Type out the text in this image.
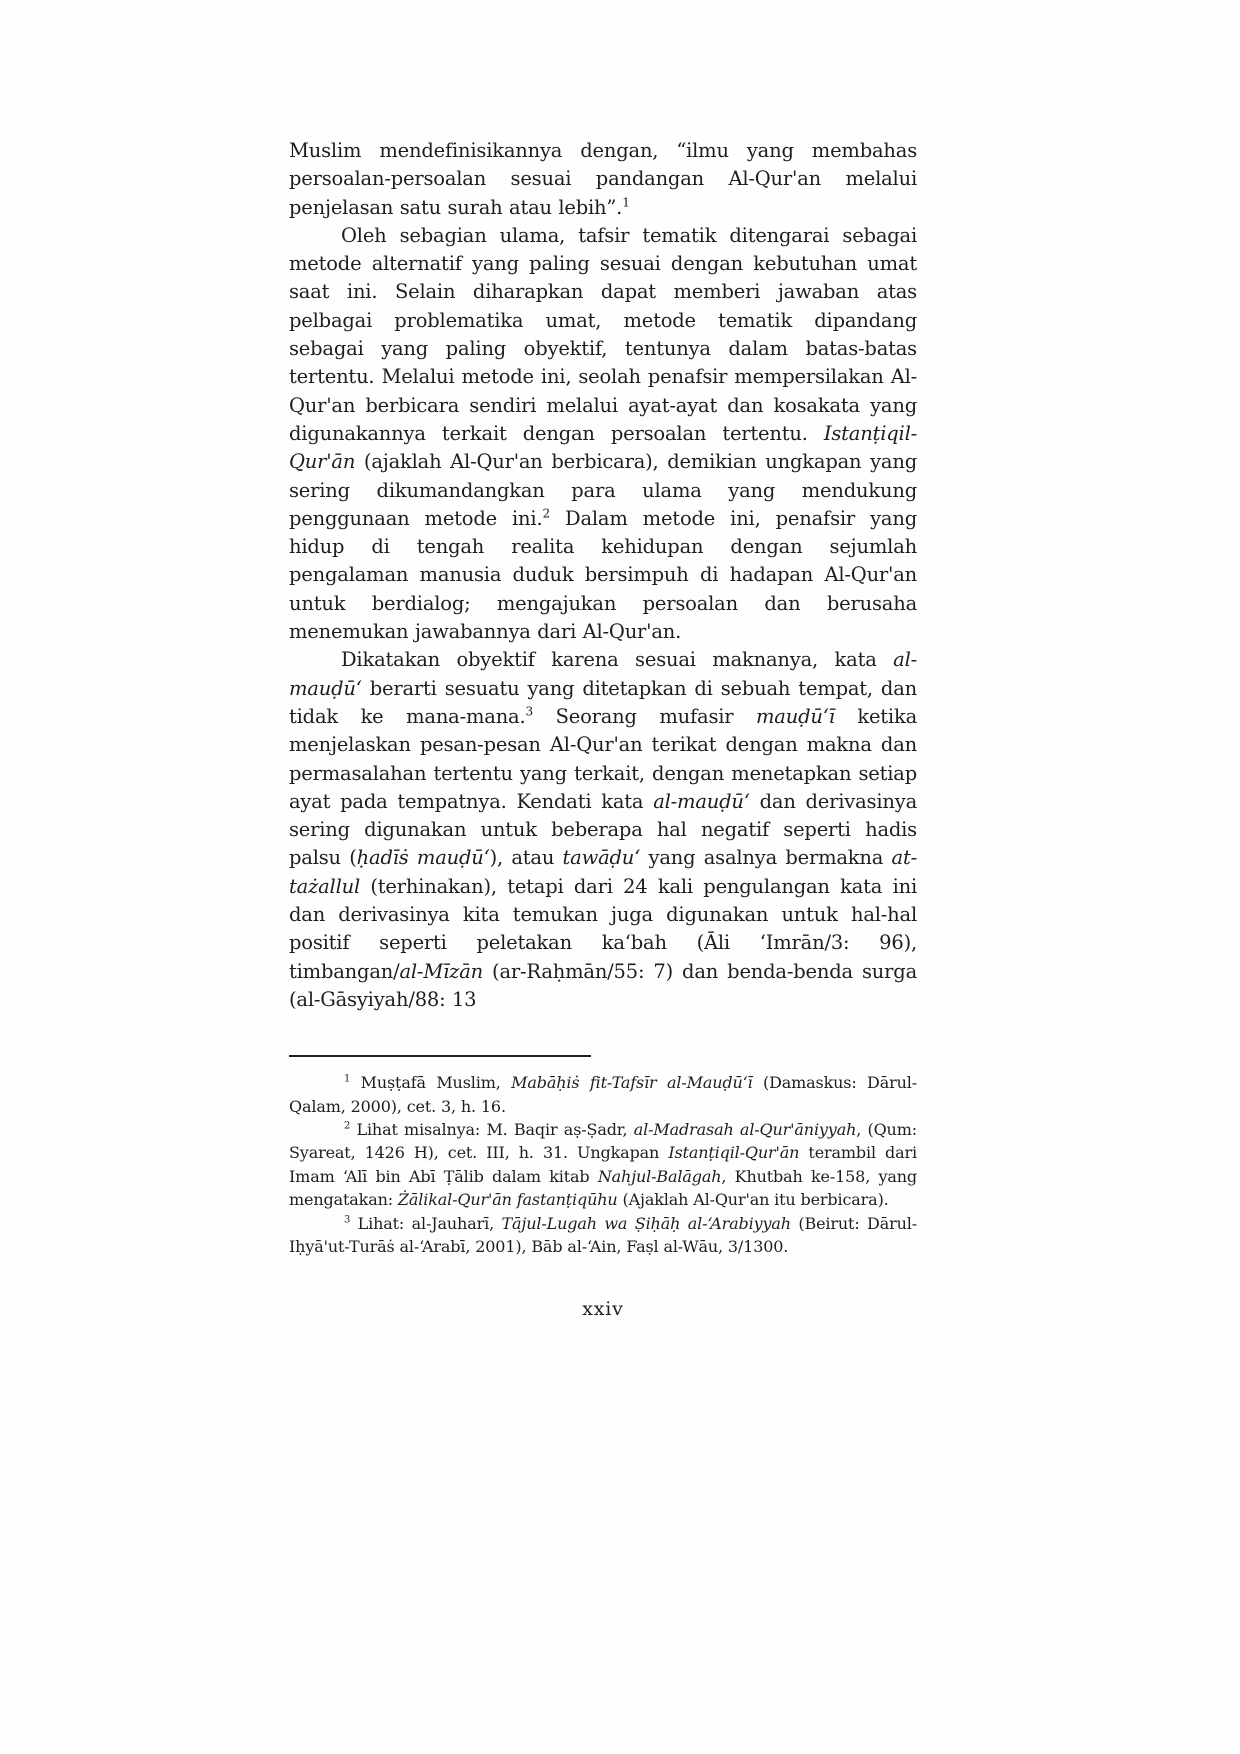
Muslim mendefinisikannya dengan, “ilmu yang membahas persoalan-persoalan sesuai pandangan Al-Qur'an melalui penjelasan satu surah atau lebih”.$^1$

Oleh sebagian ulama, tafsir tematik ditengarai sebagai metode alternatif yang paling sesuai dengan kebutuhan umat saat ini. Selain diharapkan dapat memberi jawaban atas pelbagai problematika umat, metode tematik dipandang sebagai yang paling obyektif, tentunya dalam batas-batas tertentu. Melalui metode ini, seolah penafsir mempersilakan Al-Qur'an berbicara sendiri melalui ayat-ayat dan kosakata yang digunakannya terkait dengan persoalan tertentu. Istanṭiqil-Qur'ān (ajaklah Al-Qur'an berbicara), demikian ungkapan yang sering dikumandangkan para ulama yang mendukung penggunaan metode ini.$^2$ Dalam metode ini, penafsir yang hidup di tengah realita kehidupan dengan sejumlah pengalaman manusia duduk bersimpuh di hadapan Al-Qur'an untuk berdialog; mengajukan persoalan dan berusaha menemukan jawabannya dari Al-Qur'an.

Dikatakan obyektif karena sesuai maknanya, kata al-mauḍū‘ berarti sesuatu yang ditetapkan di sebuah tempat, dan tidak ke mana-mana.$^3$ Seorang mufasir mauḍū‘ī ketika menjelaskan pesan-pesan Al-Qur'an terikat dengan makna dan permasalahan tertentu yang terkait, dengan menetapkan setiap ayat pada tempatnya. Kendati kata al-mauḍū‘ dan derivasinya sering digunakan untuk beberapa hal negatif seperti hadis palsu (ḥadīṡ mauḍū‘), atau tawāḍu‘ yang asalnya bermakna at-tażallul (terhinakan), tetapi dari 24 kali pengulangan kata ini dan derivasinya kita temukan juga digunakan untuk hal-hal positif seperti peletakan ka‘bah (Āli ‘Imrān/3: 96), timbangan/al-Mīzān (ar-Raḥmān/55: 7) dan benda-benda surga (al-Gāsyiyah/88: 13

$^1$ Muṣṭafā Muslim, Mabāḥiṡ fit-Tafsīr al-Mauḍū‘ī (Damaskus: Dārul-Qalam, 2000), cet. 3, h. 16.

$^2$ Lihat misalnya: M. Baqir aṣ-Ṣadr, al-Madrasah al-Qur'āniyyah, (Qum: Syareat, 1426 H), cet. III, h. 31. Ungkapan Istanṭiqil-Qur'ān terambil dari Imam ‘Alī bin Abī Ṭālib dalam kitab Nahjul-Balāgah, Khutbah ke-158, yang mengatakan: Żālikal-Qur'ān fastanṭiqūhu (Ajaklah Al-Qur'an itu berbicara).

$^3$ Lihat: al-Jauharī, Tājul-Lugah wa Ṣiḥāḥ al-‘Arabiyyah (Beirut: Dārul-Iḥyā'ut-Turāṡ al-‘Arabī, 2001), Bāb al-‘Ain, Faṣl al-Wāu, 3/1300.

xxiv
